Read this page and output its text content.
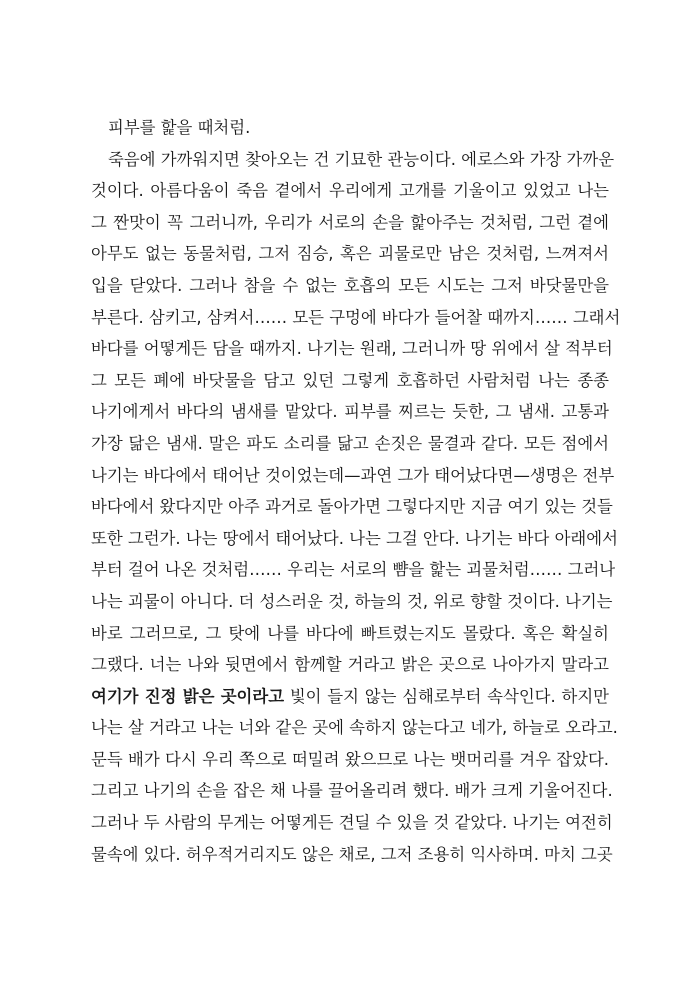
피부를 핥을 때처럼.
죽음에 가까워지면 찾아오는 건 기묘한 관능이다. 에로스와 가장 가까운
것이다. 아름다움이 죽음 곁에서 우리에게 고개를 기울이고 있었고 나는
그 짠맛이 꼭 그러니까, 우리가 서로의 손을 핥아주는 것처럼, 그런 곁에
아무도 없는 동물처럼, 그저 짐승, 혹은 괴물로만 남은 것처럼, 느껴져서
입을 닫았다. 그러나 참을 수 없는 호흡의 모든 시도는 그저 바닷물만을
부른다. 삼키고, 삼켜서…… 모든 구멍에 바다가 들어찰 때까지…… 그래서
바다를 어떻게든 담을 때까지. 나기는 원래, 그러니까 땅 위에서 살 적부터
그 모든 폐에 바닷물을 담고 있던 그렇게 호흡하던 사람처럼 나는 종종
나기에게서 바다의 냄새를 맡았다. 피부를 찌르는 듯한, 그 냄새. 고통과
가장 닮은 냄새. 말은 파도 소리를 닮고 손짓은 물결과 같다. 모든 점에서
나기는 바다에서 태어난 것이었는데—과연 그가 태어났다면—생명은 전부
바다에서 왔다지만 아주 과거로 돌아가면 그렇다지만 지금 여기 있는 것들
또한 그런가. 나는 땅에서 태어났다. 나는 그걸 안다. 나기는 바다 아래에서
부터 걸어 나온 것처럼…… 우리는 서로의 뺨을 핥는 괴물처럼…… 그러나
나는 괴물이 아니다. 더 성스러운 것, 하늘의 것, 위로 향할 것이다. 나기는
바로 그러므로, 그 탓에 나를 바다에 빠트렸는지도 몰랐다. 혹은 확실히
그랬다. 너는 나와 뒷면에서 함께할 거라고 밝은 곳으로 나아가지 말라고
여기가 진정 밝은 곳이라고 빛이 들지 않는 심해로부터 속삭인다. 하지만
나는 살 거라고 나는 너와 같은 곳에 속하지 않는다고 네가, 하늘로 오라고.
문득 배가 다시 우리 쪽으로 떠밀려 왔으므로 나는 뱃머리를 겨우 잡았다.
그리고 나기의 손을 잡은 채 나를 끌어올리려 했다. 배가 크게 기울어진다.
그러나 두 사람의 무게는 어떻게든 견딜 수 있을 것 같았다. 나기는 여전히
물속에 있다. 허우적거리지도 않은 채로, 그저 조용히 익사하며. 마치 그곳
